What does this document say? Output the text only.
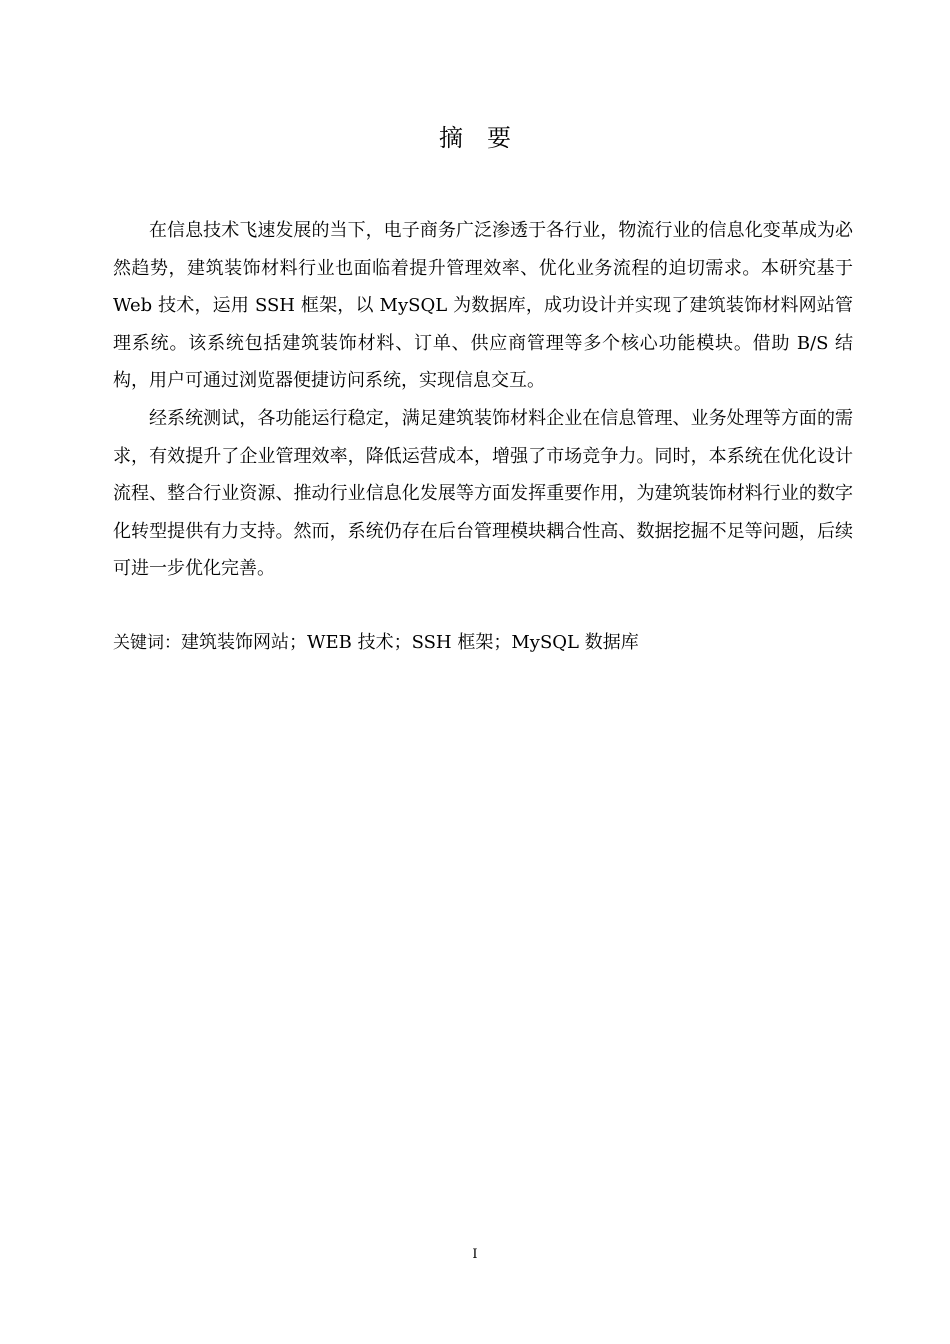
摘要

在信息技术飞速发展的当下，电子商务广泛渗透于各行业，物流行业的信息化变革成为必然趋势，建筑装饰材料行业也面临着提升管理效率、优化业务流程的迫切需求。本研究基于 Web 技术，运用 SSH 框架，以 MySQL 为数据库，成功设计并实现了建筑装饰材料网站管理系统。该系统包括建筑装饰材料、订单、供应商管理等多个核心功能模块。借助 B/S 结构，用户可通过浏览器便捷访问系统，实现信息交互。

经系统测试，各功能运行稳定，满足建筑装饰材料企业在信息管理、业务处理等方面的需求，有效提升了企业管理效率，降低运营成本，增强了市场竞争力。同时，本系统在优化设计流程、整合行业资源、推动行业信息化发展等方面发挥重要作用，为建筑装饰材料行业的数字化转型提供有力支持。然而，系统仍存在后台管理模块耦合性高、数据挖掘不足等问题，后续可进一步优化完善。

关键词：建筑装饰网站；WEB 技术；SSH 框架；MySQL 数据库
I
